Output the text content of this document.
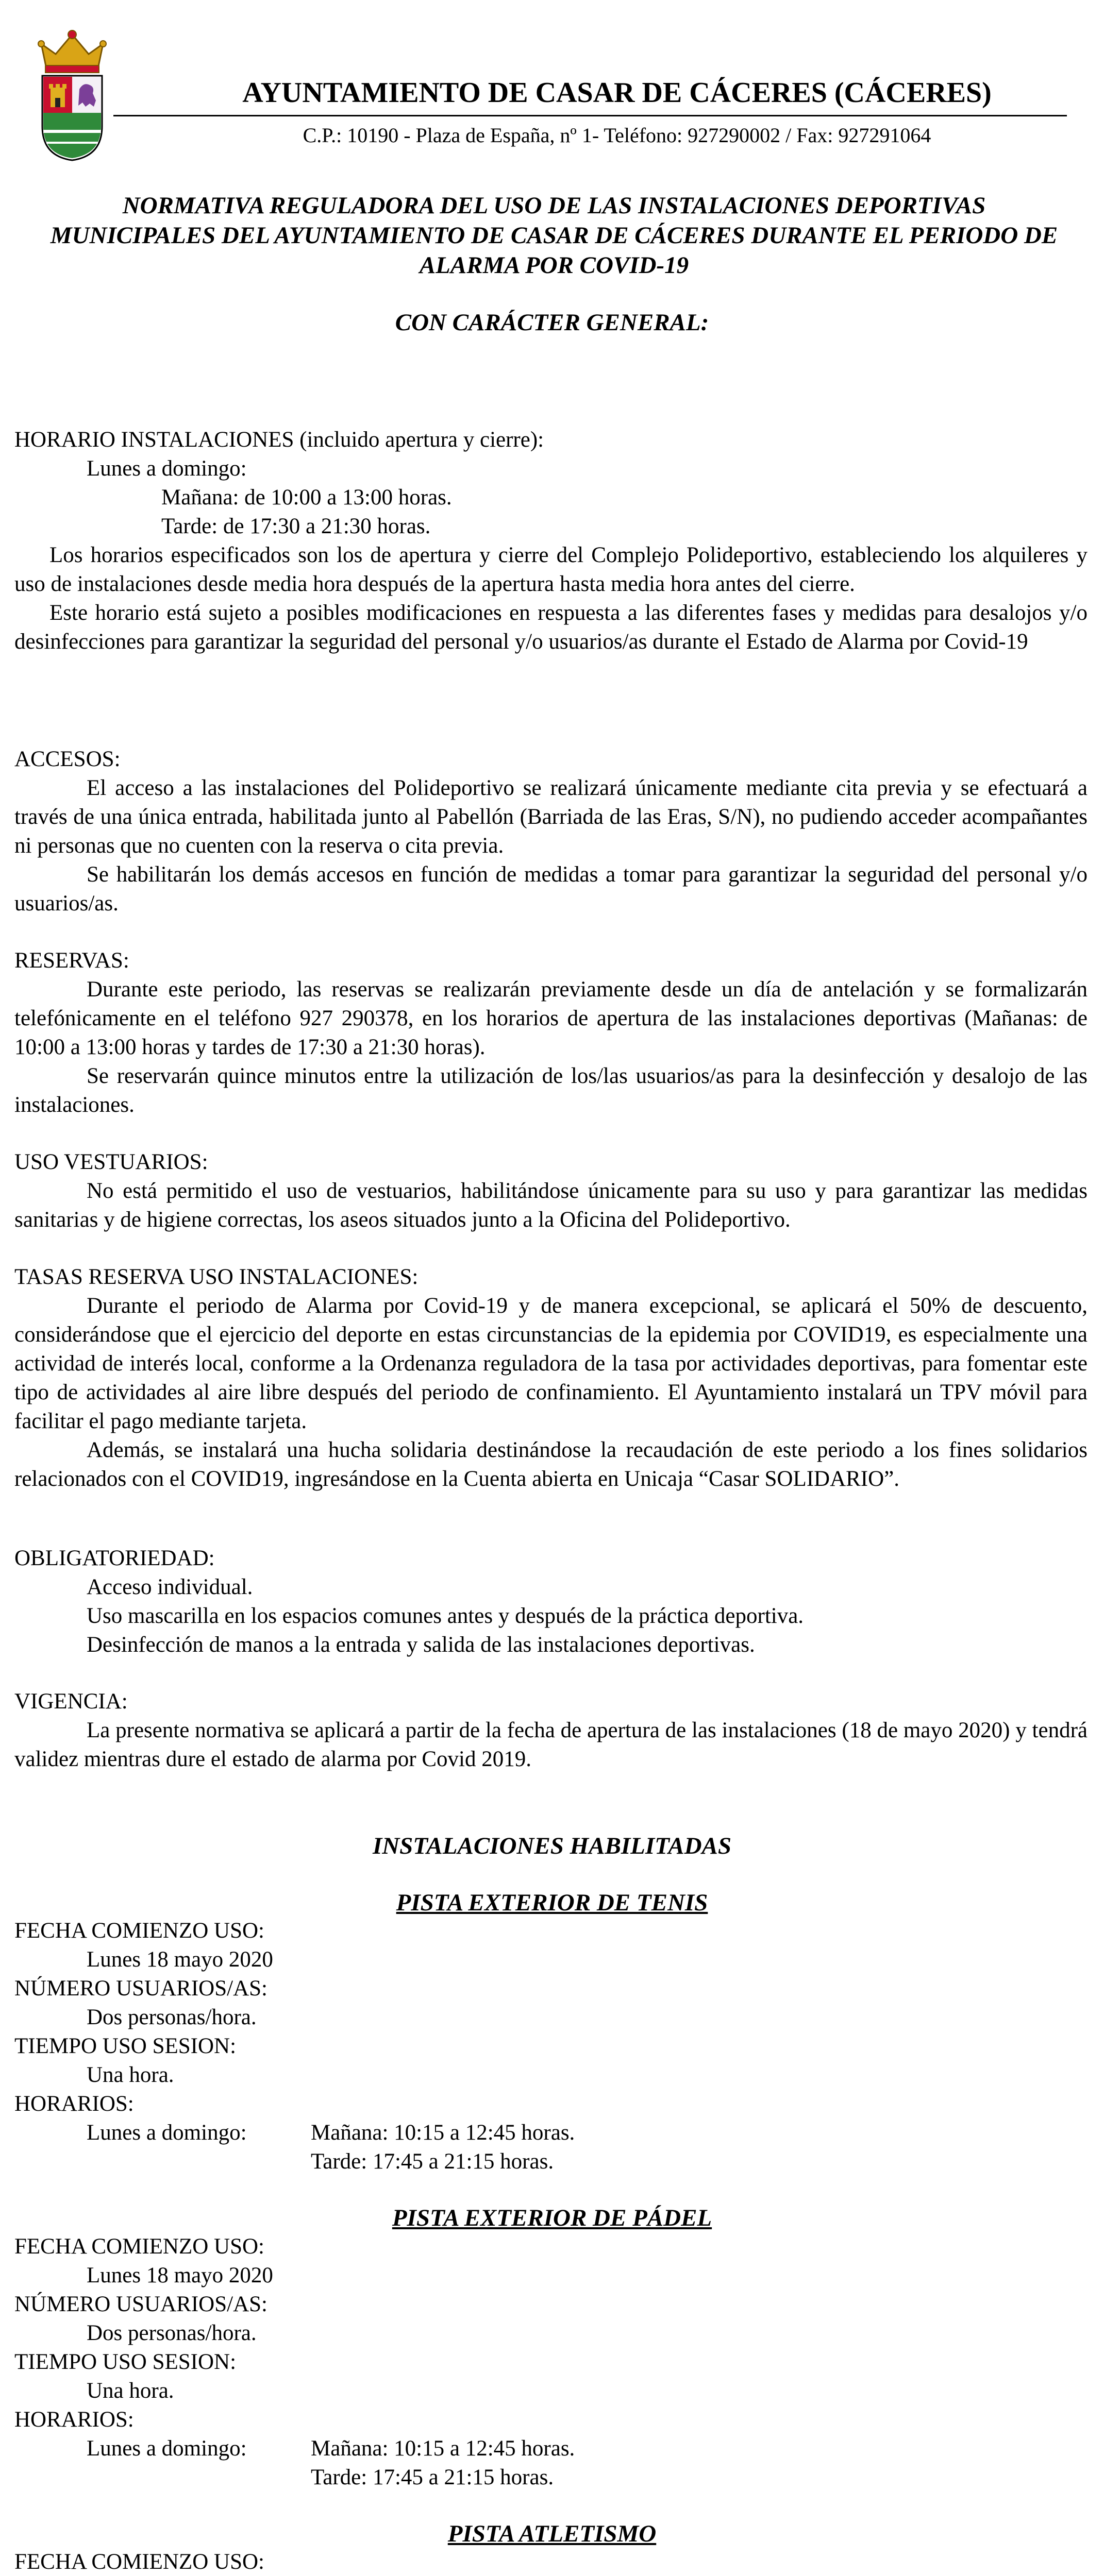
AYUNTAMIENTO DE CASAR DE CÁCERES (CÁCERES)
C.P.: 10190 - Plaza de España, nº 1- Teléfono: 927290002 / Fax: 927291064
NORMATIVA REGULADORA DEL USO DE LAS INSTALACIONES DEPORTIVAS
MUNICIPALES DEL AYUNTAMIENTO DE CASAR DE CÁCERES DURANTE EL PERIODO DE
ALARMA POR COVID-19
CON CARÁCTER GENERAL:
HORARIO INSTALACIONES (incluido apertura y cierre):
Lunes a domingo:
Mañana: de 10:00 a 13:00 horas.
Tarde: de 17:30 a 21:30 horas.
Los horarios especificados son los de apertura y cierre del Complejo Polideportivo, estableciendo los alquileres y uso de instalaciones desde media hora después de la apertura hasta media hora antes del cierre.
Este horario está sujeto a posibles modificaciones en respuesta a las diferentes fases y medidas para desalojos y/o desinfecciones para garantizar la seguridad del personal y/o usuarios/as durante el Estado de Alarma por Covid-19
ACCESOS:
El acceso a las instalaciones del Polideportivo se realizará únicamente mediante cita previa y se efectuará a través de una única entrada, habilitada junto al Pabellón (Barriada de las Eras, S/N), no pudiendo acceder acompañantes ni personas que no cuenten con la reserva o cita previa.
Se habilitarán los demás accesos en función de medidas a tomar para garantizar la seguridad del personal y/o usuarios/as.
RESERVAS:
Durante este periodo, las reservas se realizarán previamente desde un día de antelación y se formalizarán telefónicamente en el teléfono 927 290378, en los horarios de apertura de las instalaciones deportivas (Mañanas: de 10:00 a 13:00 horas y tardes de 17:30 a 21:30 horas).
Se reservarán quince minutos entre la utilización de los/las usuarios/as para la desinfección y desalojo de las instalaciones.
USO VESTUARIOS:
No está permitido el uso de vestuarios, habilitándose únicamente para su uso y para garantizar las medidas sanitarias y de higiene correctas, los aseos situados junto a la Oficina del Polideportivo.
TASAS RESERVA USO INSTALACIONES:
Durante el periodo de Alarma por Covid-19 y de manera excepcional, se aplicará el 50% de descuento, considerándose que el ejercicio del deporte en estas circunstancias de la epidemia por COVID19, es especialmente una actividad de interés local, conforme a la Ordenanza reguladora de la tasa por actividades deportivas, para fomentar este tipo de actividades al aire libre después del periodo de confinamiento. El Ayuntamiento instalará un TPV móvil para facilitar el pago mediante tarjeta.
Además, se instalará una hucha solidaria destinándose la recaudación de este periodo a los fines solidarios relacionados con el COVID19, ingresándose en la Cuenta abierta en Unicaja “Casar SOLIDARIO”.
OBLIGATORIEDAD:
Acceso individual.
Uso mascarilla en los espacios comunes antes y después de la práctica deportiva.
Desinfección de manos a la entrada y salida de las instalaciones deportivas.
VIGENCIA:
La presente normativa se aplicará a partir de la fecha de apertura de las instalaciones (18 de mayo 2020) y tendrá validez mientras dure el estado de alarma por Covid 2019.
INSTALACIONES HABILITADAS
PISTA EXTERIOR DE TENIS
FECHA COMIENZO USO:
Lunes 18 mayo 2020
NÚMERO USUARIOS/AS:
Dos personas/hora.
TIEMPO USO SESION:
Una hora.
HORARIOS:
Lunes a domingo:	Mañana: 10:15 a 12:45 horas.
Tarde: 17:45 a 21:15 horas.
PISTA EXTERIOR DE PÁDEL
FECHA COMIENZO USO:
Lunes 18 mayo 2020
NÚMERO USUARIOS/AS:
Dos personas/hora.
TIEMPO USO SESION:
Una hora.
HORARIOS:
Lunes a domingo:	Mañana: 10:15 a 12:45 horas.
Tarde: 17:45 a 21:15 horas.
PISTA ATLETISMO
FECHA COMIENZO USO:
